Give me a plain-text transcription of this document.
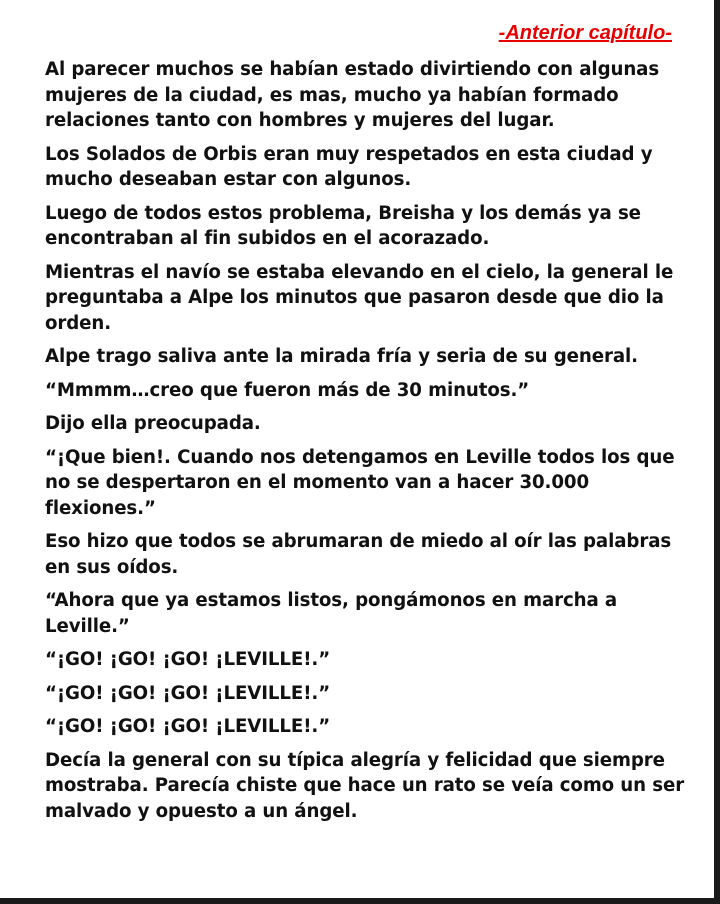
-Anterior capítulo-

Al parecer muchos se habían estado divirtiendo con algunas mujeres de la ciudad, es mas, mucho ya habían formado relaciones tanto con hombres y mujeres del lugar.

Los Solados de Orbis eran muy respetados en esta ciudad y mucho deseaban estar con algunos.

Luego de todos estos problema, Breisha y los demás ya se encontraban al fin subidos en el acorazado.

Mientras el navío se estaba elevando en el cielo, la general le preguntaba a Alpe los minutos que pasaron desde que dio la orden.

Alpe trago saliva ante la mirada fría y seria de su general.

“Mmmm…creo que fueron más de 30 minutos.”

Dijo ella preocupada.

“¡Que bien!. Cuando nos detengamos en Leville todos los que no se despertaron en el momento van a hacer 30.000 flexiones.”

Eso hizo que todos se abrumaran de miedo al oír las palabras en sus oídos.

“Ahora que ya estamos listos, pongámonos en marcha a Leville.”

“¡GO! ¡GO! ¡GO! ¡LEVILLE!.”

“¡GO! ¡GO! ¡GO! ¡LEVILLE!.”

“¡GO! ¡GO! ¡GO! ¡LEVILLE!.”

Decía la general con su típica alegría y felicidad que siempre mostraba. Parecía chiste que hace un rato se veía como un ser malvado y opuesto a un ángel.
